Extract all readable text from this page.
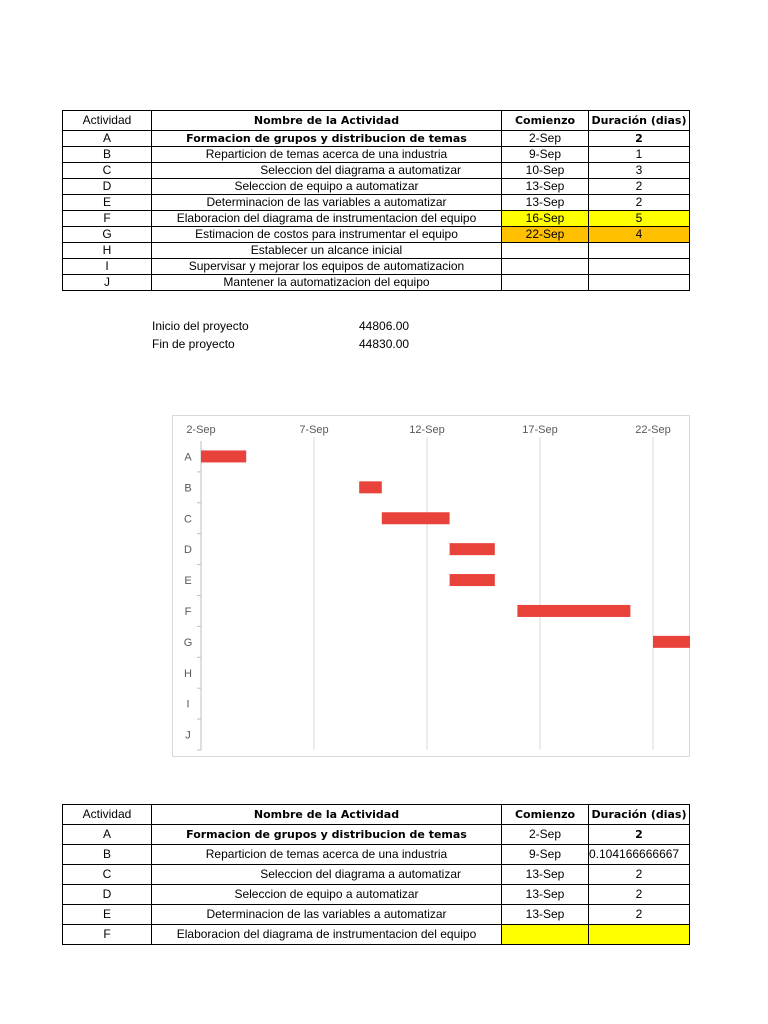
Actividad	Nombre de la Actividad	Comienzo	Duración (dias)
A	Formacion de grupos y distribucion de temas	2-Sep	2
B	Reparticion de temas acerca de una industria	9-Sep	1
C	Seleccion del diagrama a automatizar	10-Sep	3
D	Seleccion de equipo a automatizar	13-Sep	2
E	Determinacion de las variables a automatizar	13-Sep	2
F	Elaboracion del diagrama de instrumentacion del equipo	16-Sep	5
G	Estimacion de costos para instrumentar el equipo	22-Sep	4
H	Establecer un alcance inicial		
I	Supervisar y mejorar los equipos de automatizacion		
J	Mantener la automatizacion del equipo		
Inicio del proyecto	44806.00
Fin de proyecto	44830.00
2-Sep	7-Sep	12-Sep	17-Sep	22-Sep
A
B
C
D
E
F
G
H
I
J
Actividad	Nombre de la Actividad	Comienzo	Duración (dias)
A	Formacion de grupos y distribucion de temas	2-Sep	2
B	Reparticion de temas acerca de una industria	9-Sep	0.104166666667
C	Seleccion del diagrama a automatizar	13-Sep	2
D	Seleccion de equipo a automatizar	13-Sep	2
E	Determinacion de las variables a automatizar	13-Sep	2
F	Elaboracion del diagrama de instrumentacion del equipo		
